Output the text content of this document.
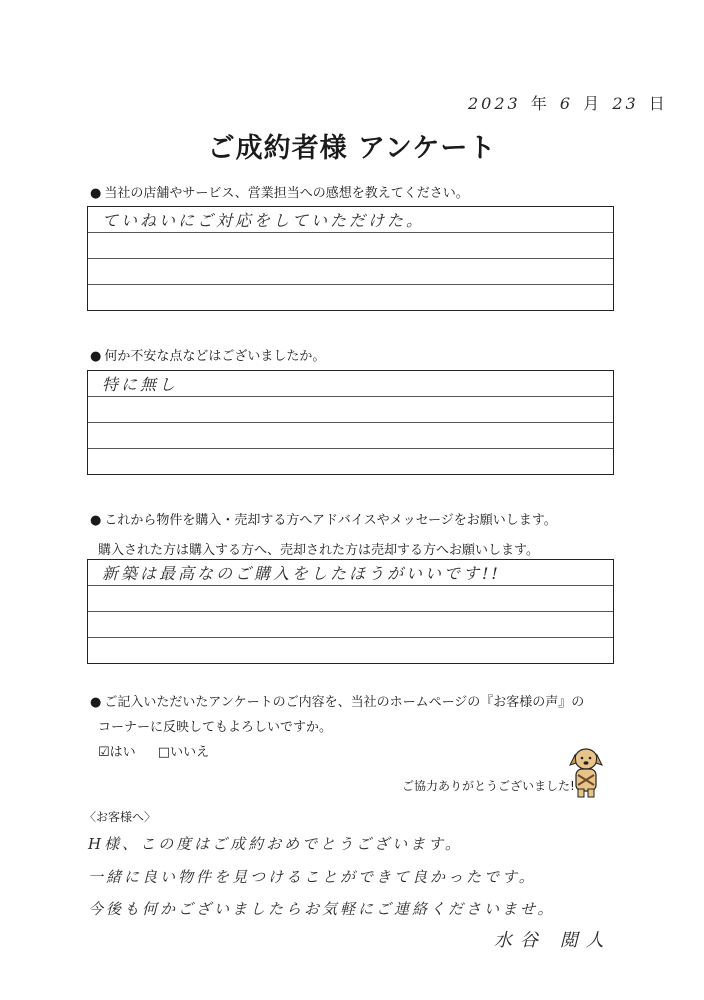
2023 年 6 月 23 日
ご成約者様 アンケート
● 当社の店舗やサービス、営業担当への感想を教えてください。
ていねいにご対応をしていただけた。
● 何か不安な点などはございましたか。
特に無し
● これから物件を購入・売却する方へアドバイスやメッセージをお願いします。
購入された方は購入する方へ、売却された方は売却する方へお願いします。
新築は最高なのご購入をしたほうがいいです!!
● ご記入いただいたアンケートのご内容を、当社のホームページの『お客様の声』の
コーナーに反映してもよろしいですか。
☑はい □いいえ
ご協力ありがとうございました!
〈お客様へ〉
H様、この度はご成約おめでとうございます。
一緒に良い物件を見つけることができて良かったです。
今後も何かございましたらお気軽にご連絡くださいませ。
水谷 閲人
